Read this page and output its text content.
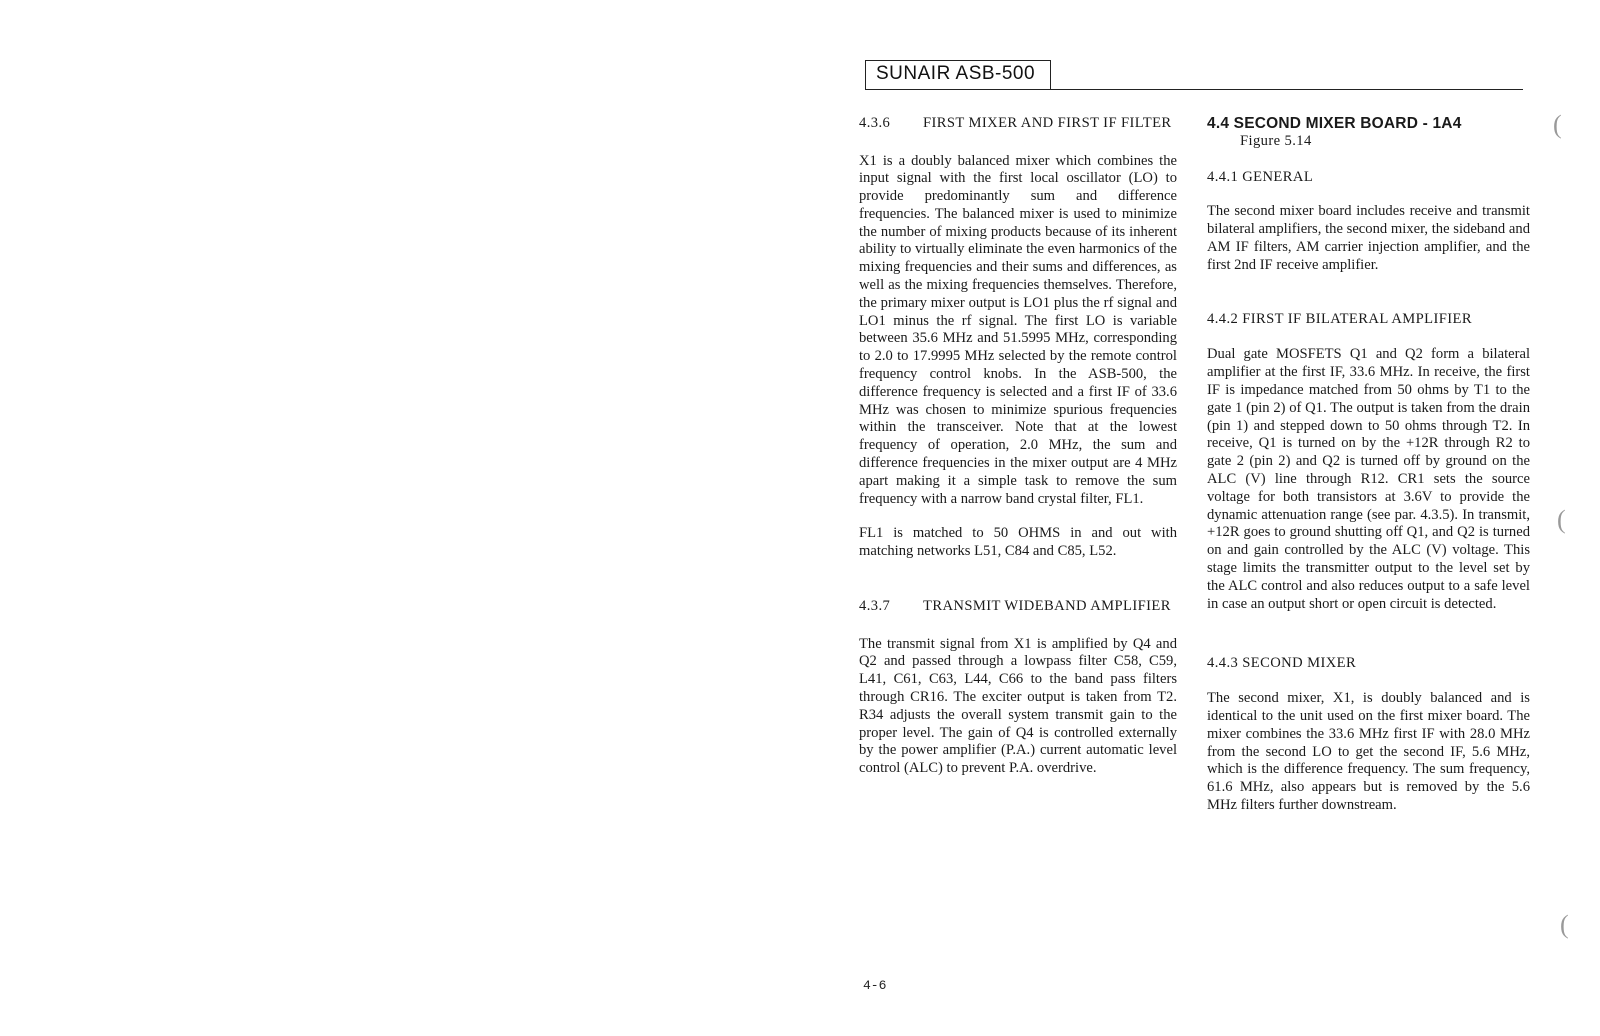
SUNAIR ASB-500
4.3.6	FIRST MIXER AND FIRST IF FILTER

X1 is a doubly balanced mixer which combines the input signal with the first local oscillator (LO) to provide predominantly sum and difference frequencies. The balanced mixer is used to minimize the number of mixing products because of its inherent ability to virtually eliminate the even harmonics of the mixing frequencies and their sums and differences, as well as the mixing frequencies themselves. Therefore, the primary mixer output is LO1 plus the rf signal and LO1 minus the rf signal. The first LO is variable between 35.6 MHz and 51.5995 MHz, corresponding to 2.0 to 17.9995 MHz selected by the remote control frequency control knobs. In the ASB-500, the difference frequency is selected and a first IF of 33.6 MHz was chosen to minimize spurious frequencies within the transceiver. Note that at the lowest frequency of operation, 2.0 MHz, the sum and difference frequencies in the mixer output are 4 MHz apart making it a simple task to remove the sum frequency with a narrow band crystal filter, FL1.

FL1 is matched to 50 OHMS in and out with matching networks L51, C84 and C85, L52.

4.3.7	TRANSMIT WIDEBAND AMPLIFIER

The transmit signal from X1 is amplified by Q4 and Q2 and passed through a lowpass filter C58, C59, L41, C61, C63, L44, C66 to the band pass filters through CR16. The exciter output is taken from T2. R34 adjusts the overall system transmit gain to the proper level. The gain of Q4 is controlled externally by the power amplifier (P.A.) current automatic level control (ALC) to prevent P.A. overdrive.

4.4 SECOND MIXER BOARD - 1A4
Figure 5.14
4.4.1 GENERAL

The second mixer board includes receive and transmit bilateral amplifiers, the second mixer, the sideband and AM IF filters, AM carrier injection amplifier, and the first 2nd IF receive amplifier.

4.4.2 FIRST IF BILATERAL AMPLIFIER

Dual gate MOSFETS Q1 and Q2 form a bilateral amplifier at the first IF, 33.6 MHz. In receive, the first IF is impedance matched from 50 ohms by T1 to the gate 1 (pin 2) of Q1. The output is taken from the drain (pin 1) and stepped down to 50 ohms through T2. In receive, Q1 is turned on by the +12R through R2 to gate 2 (pin 2) and Q2 is turned off by ground on the ALC (V) line through R12. CR1 sets the source voltage for both transistors at 3.6V to provide the dynamic attenuation range (see par. 4.3.5). In transmit, +12R goes to ground shutting off Q1, and Q2 is turned on and gain controlled by the ALC (V) voltage. This stage limits the transmitter output to the level set by the ALC control and also reduces output to a safe level in case an output short or open circuit is detected.

4.4.3 SECOND MIXER

The second mixer, X1, is doubly balanced and is identical to the unit used on the first mixer board. The mixer combines the 33.6 MHz first IF with 28.0 MHz from the second LO to get the second IF, 5.6 MHz, which is the difference frequency. The sum frequency, 61.6 MHz, also appears but is removed by the 5.6 MHz filters further downstream.

4-6
(
(
(
